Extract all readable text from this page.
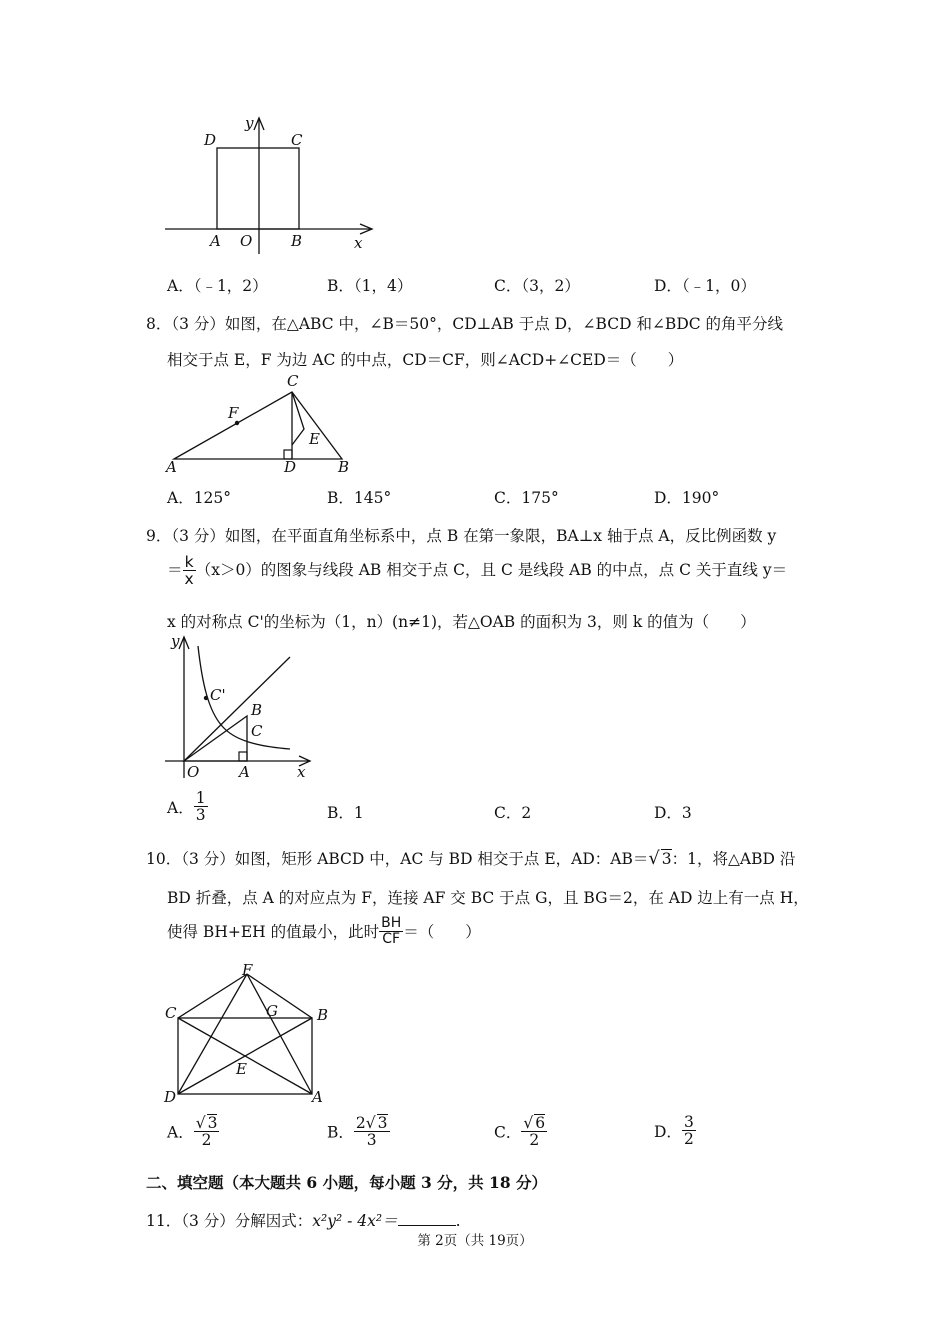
y
D	C
A O	B	x
A．（﹣1，2）	B．（1，4）	C．（3，2）	D．（﹣1，0）
8．（3 分）如图，在△ABC 中，∠B＝50°，CD⊥AB 于点 D，∠BCD 和∠BDC 的角平分线
相交于点 E，F 为边 AC 的中点，CD＝CF，则∠ACD+∠CED＝（　　）
C
F
E
A	D	B
A．125°	B．145°	C．175°	D．190°
9．（3 分）如图，在平面直角坐标系中，点 B 在第一象限，BA⊥x 轴于点 A，反比例函数 y
＝ $\frac{k}{x} (x>0)$的图象与线段 AB 相交于点 C，且 C 是线段 AB 的中点，点 C 关于直线 y＝
x 的对称点 C'的坐标为（1，n）(n≠1)，若△OAB 的面积为 3，则 k 的值为（　　）
y
C'
B
C
O	A	x
A． $\frac{1}{3}$	B．1	C．2	D．3
10．（3 分）如图，矩形 ABCD 中，AC 与 BD 相交于点 E，AD：AB＝√ 3：1，将△ABD 沿
BD 折叠，点 A 的对应点为 F，连接 AF 交 BC 于点 G，且 BG＝2，在 AD 边上有一点 H，
使得 BH+EH 的值最小，此时 $\frac{BH}{CF}$ ＝（　　）
F
C	G	B
E
D	A
A． $\frac{√ 3}{2}$	B． $\frac{2√ 3}{3}$	C． $\frac{√ 6}{2}$	D． $\frac{3}{2}$
二、填空题（本大题共 6 小题，每小题 3 分，共 18 分）
11．（3 分）分解因式：x²y² - 4x²＝	.
第 2页（共 19页）
